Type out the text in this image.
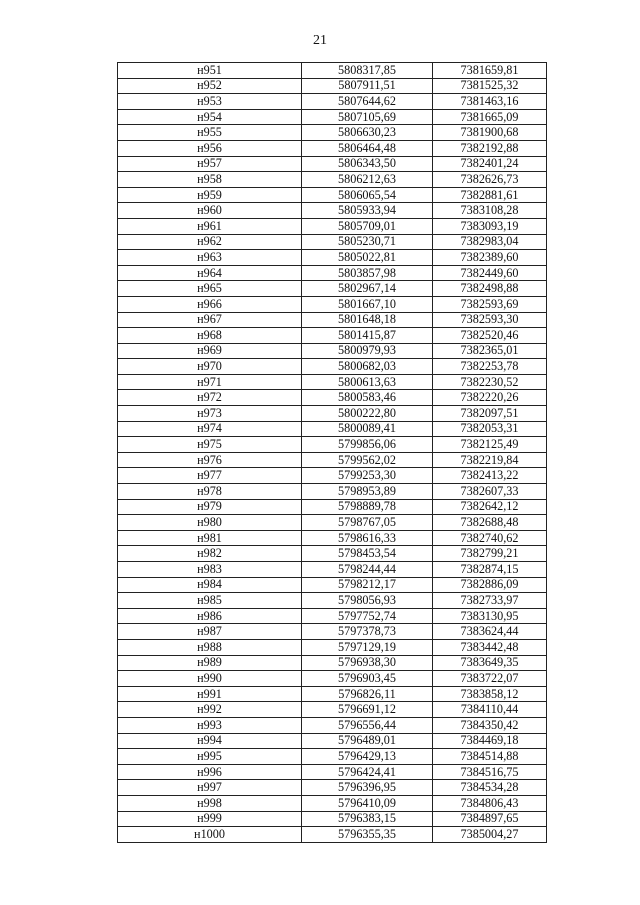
21
н951	5808317,85	7381659,81
н952	5807911,51	7381525,32
н953	5807644,62	7381463,16
н954	5807105,69	7381665,09
н955	5806630,23	7381900,68
н956	5806464,48	7382192,88
н957	5806343,50	7382401,24
н958	5806212,63	7382626,73
н959	5806065,54	7382881,61
н960	5805933,94	7383108,28
н961	5805709,01	7383093,19
н962	5805230,71	7382983,04
н963	5805022,81	7382389,60
н964	5803857,98	7382449,60
н965	5802967,14	7382498,88
н966	5801667,10	7382593,69
н967	5801648,18	7382593,30
н968	5801415,87	7382520,46
н969	5800979,93	7382365,01
н970	5800682,03	7382253,78
н971	5800613,63	7382230,52
н972	5800583,46	7382220,26
н973	5800222,80	7382097,51
н974	5800089,41	7382053,31
н975	5799856,06	7382125,49
н976	5799562,02	7382219,84
н977	5799253,30	7382413,22
н978	5798953,89	7382607,33
н979	5798889,78	7382642,12
н980	5798767,05	7382688,48
н981	5798616,33	7382740,62
н982	5798453,54	7382799,21
н983	5798244,44	7382874,15
н984	5798212,17	7382886,09
н985	5798056,93	7382733,97
н986	5797752,74	7383130,95
н987	5797378,73	7383624,44
н988	5797129,19	7383442,48
н989	5796938,30	7383649,35
н990	5796903,45	7383722,07
н991	5796826,11	7383858,12
н992	5796691,12	7384110,44
н993	5796556,44	7384350,42
н994	5796489,01	7384469,18
н995	5796429,13	7384514,88
н996	5796424,41	7384516,75
н997	5796396,95	7384534,28
н998	5796410,09	7384806,43
н999	5796383,15	7384897,65
н1000	5796355,35	7385004,27
